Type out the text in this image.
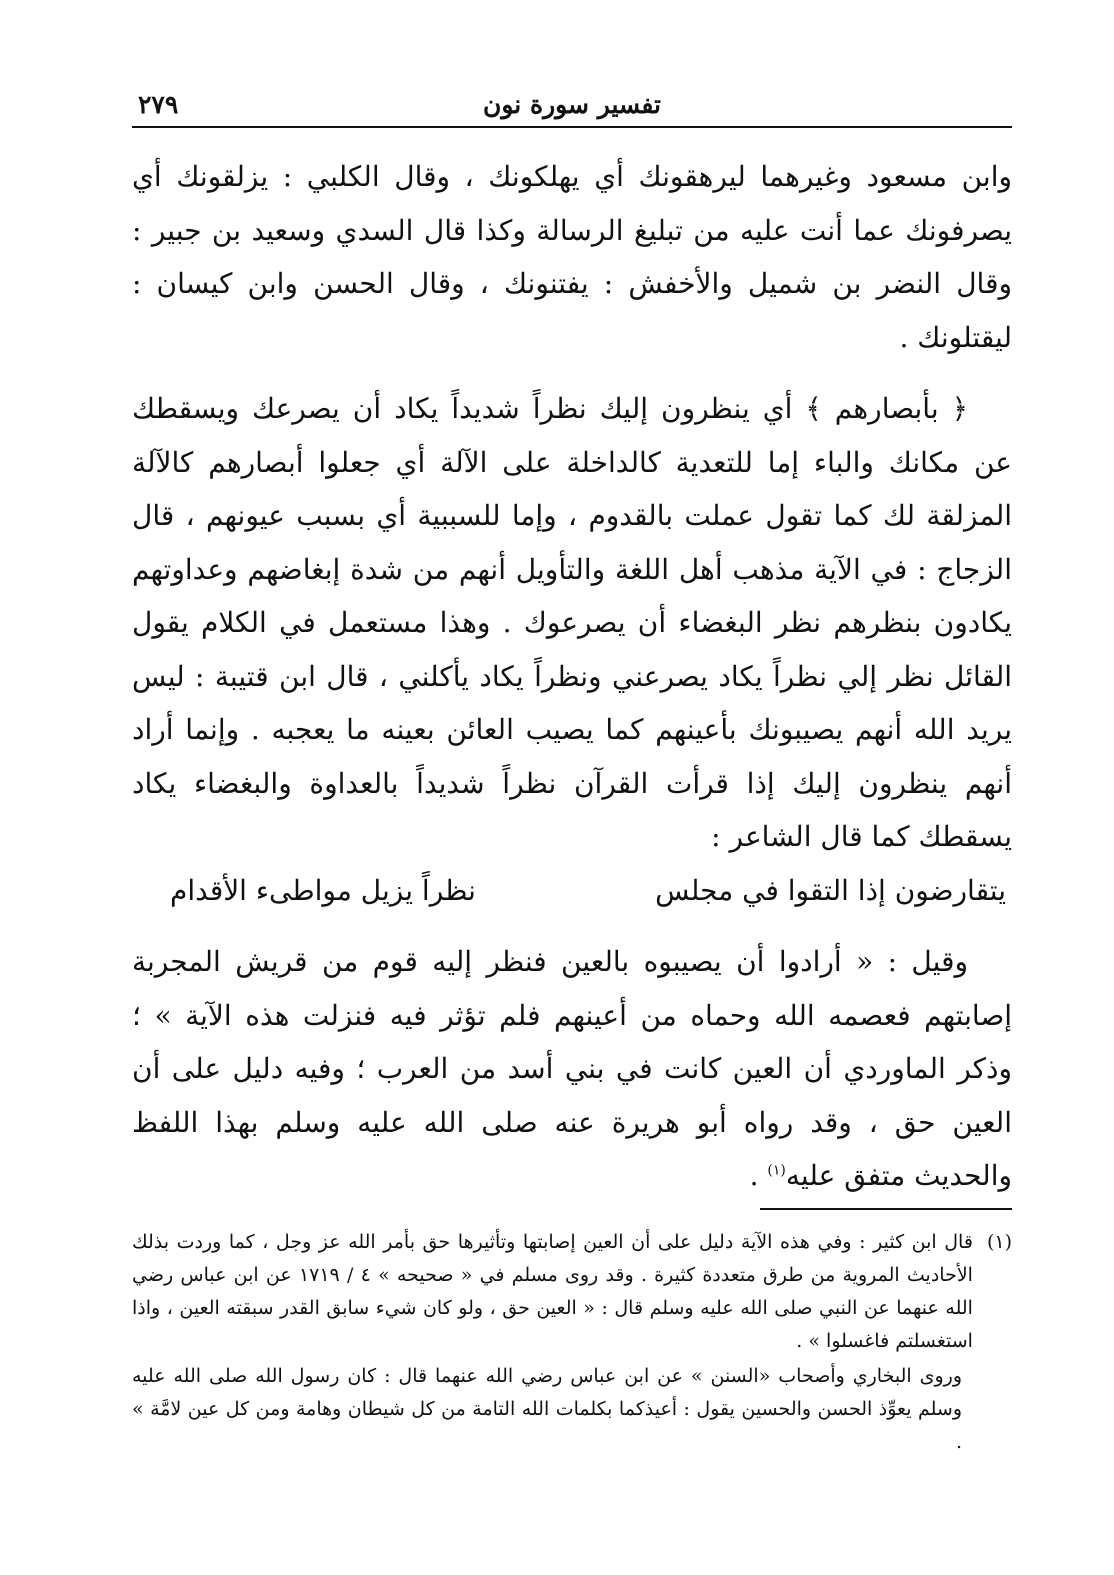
٢٧٩	تفسير سورة نون

وابن مسعود وغيرهما ليرهقونك أي يهلكونك ، وقال الكلبي : يزلقونك أي يصرفونك عما أنت عليه من تبليغ الرسالة وكذا قال السدي وسعيد بن جبير : وقال النضر بن شميل والأخفش : يفتنونك ، وقال الحسن وابن كيسان : ليقتلونك .

﴿ بأبصارهم ﴾ أي ينظرون إليك نظراً شديداً يكاد أن يصرعك ويسقطك عن مكانك والباء إما للتعدية كالداخلة على الآلة أي جعلوا أبصارهم كالآلة المزلقة لك كما تقول عملت بالقدوم ، وإما للسببية أي بسبب عيونهم ، قال الزجاج : في الآية مذهب أهل اللغة والتأويل أنهم من شدة إبغاضهم وعداوتهم يكادون بنظرهم نظر البغضاء أن يصرعوك . وهذا مستعمل في الكلام يقول القائل نظر إلي نظراً يكاد يصرعني ونظراً يكاد يأكلني ، قال ابن قتيبة : ليس يريد الله أنهم يصيبونك بأعينهم كما يصيب العائن بعينه ما يعجبه . وإنما أراد أنهم ينظرون إليك إذا قرأت القرآن نظراً شديداً بالعداوة والبغضاء يكاد يسقطك كما قال الشاعر :

يتقارضون إذا التقوا في مجلس
نظراً يزيل مواطىء الأقدام

وقيل : « أرادوا أن يصيبوه بالعين فنظر إليه قوم من قريش المجربة إصابتهم فعصمه الله وحماه من أعينهم فلم تؤثر فيه فنزلت هذه الآية » ؛ وذكر الماوردي أن العين كانت في بني أسد من العرب ؛ وفيه دليل على أن العين حق ، وقد رواه أبو هريرة عنه صلى الله عليه وسلم بهذا اللفظ والحديث متفق عليه$^{(١)}$ .

(١)
قال ابن كثير : وفي هذه الآية دليل على أن العين إصابتها وتأثيرها حق بأمر الله عز وجل ، كما وردت بذلك الأحاديث المروية من طرق متعددة كثيرة . وقد روى مسلم في « صحيحه » ٤ / ١٧١٩ عن ابن عباس رضي الله عنهما عن النبي صلى الله عليه وسلم قال : « العين حق ، ولو كان شيء سابق القدر سبقته العين ، واذا استغسلتم فاغسلوا » .

وروى البخاري وأصحاب «السنن » عن ابن عباس رضي الله عنهما قال : كان رسول الله صلى الله عليه وسلم يعوِّذ الحسن والحسين يقول : أعيذكما بكلمات الله التامة من كل شيطان وهامة ومن كل عين لامَّة » .
